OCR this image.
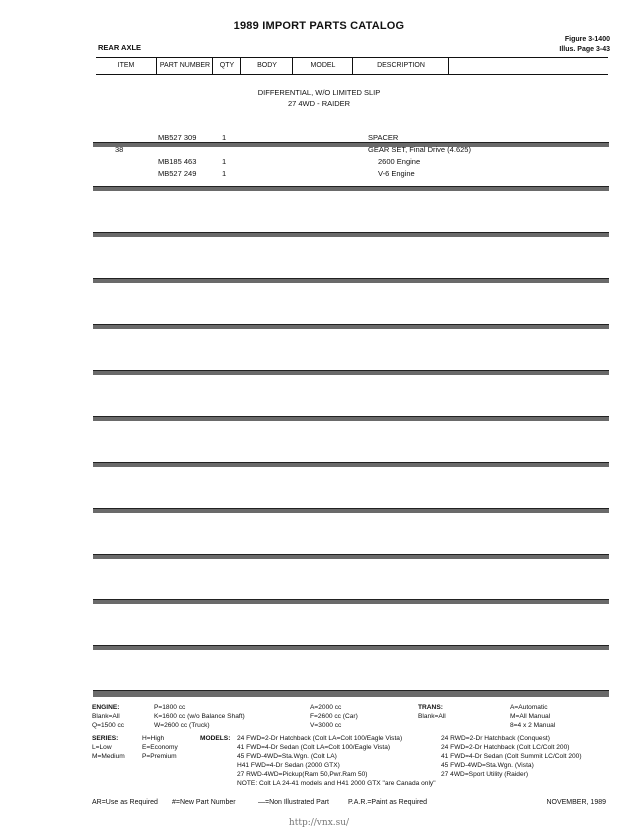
1989 IMPORT PARTS CATALOG
REAR AXLE
Figure 3-1400
Illus. Page 3-43
ITEM	PART NUMBER	QTY	BODY	MODEL	DESCRIPTION
DIFFERENTIAL, W/O LIMITED SLIP
27 4WD - RAIDER
MB527 309	1	SPACER
38	GEAR SET, Final Drive (4.625)
MB185 463	1	2600 Engine
MB527 249	1	V-6 Engine
ENGINE:
Blank=All
Q=1500 cc
P=1800 cc
K=1600 cc (w/o Balance Shaft)
W=2600 cc (Truck)
A=2000 cc
F=2600 cc (Car)
V=3000 cc
TRANS:
Blank=All
A=Automatic
M=All Manual
8=4 x 2 Manual
SERIES:
L=Low
M=Medium
H=High
E=Economy
P=Premium
MODELS: 24 FWD=2-Dr Hatchback (Colt LA=Colt 100/Eagle Vista)
41 FWD=4-Dr Sedan (Colt LA=Colt 100/Eagle Vista)
45 FWD-4WD=Sta.Wgn. (Colt LA)
H41 FWD=4-Dr Sedan (2000 GTX)
27 RWD-4WD=Pickup(Ram 50,Pwr.Ram 50)
NOTE: Colt LA 24-41 models and H41 2000 GTX "are Canada only"
24 RWD=2-Dr Hatchback (Conquest)
24 FWD=2-Dr Hatchback (Colt LC/Colt 200)
41 FWD=4-Dr Sedan (Colt Summit LC/Colt 200)
45 FWD-4WD=Sta.Wgn. (Vista)
27 4WD=Sport Utility (Raider)
AR=Use as Required #=New Part Number	—=Non Illustrated Part	P.A.R.=Paint as Required	NOVEMBER, 1989
http://vnx.su/
